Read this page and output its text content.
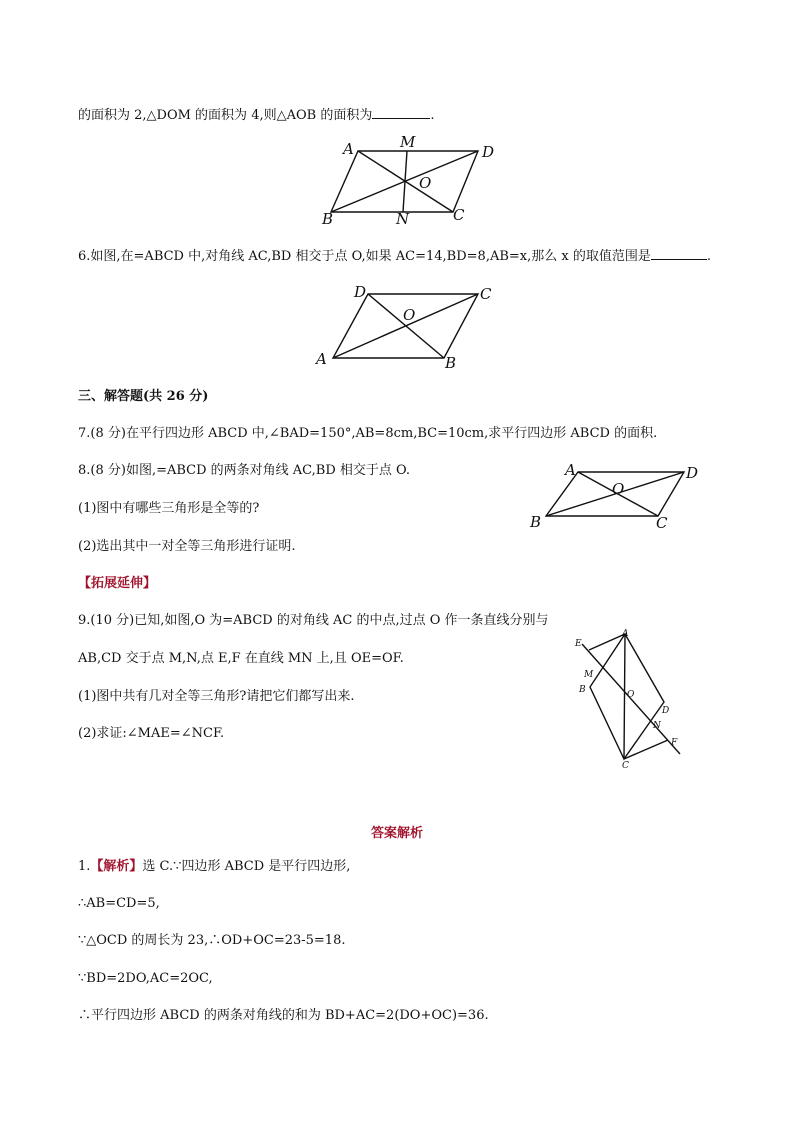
的面积为 2,△DOM 的面积为 4,则△AOB 的面积为	.
A	M
D
O
B	N	C
6.如图,在=ABCD 中,对角线 AC,BD 相交于点 O,如果 AC=14,BD=8,AB=x,那么 x 的取值范围是	.
D	C
O
A	B
三、解答题(共 26 分)
7.(8 分)在平行四边形 ABCD 中,∠BAD=150°,AB=8cm,BC=10cm,求平行四边形 ABCD 的面积.
8.(8 分)如图,=ABCD 的两条对角线 AC,BD 相交于点 O.
(1)图中有哪些三角形是全等的?
(2)选出其中一对全等三角形进行证明.
A	D
O
B	C
【拓展延伸】
9.(10 分)已知,如图,O 为=ABCD 的对角线 AC 的中点,过点 O 作一条直线分别与
AB,CD 交于点 M,N,点 E,F 在直线 MN 上,且 OE=OF.
(1)图中共有几对全等三角形?请把它们都写出来.
(2)求证:∠MAE=∠NCF.
E
A
M
B	O
D
N
F
C
答案解析
1.【解析】选 C.∵四边形 ABCD 是平行四边形,
∴AB=CD=5,
∵△OCD 的周长为 23,∴OD+OC=23-5=18.
∵BD=2DO,AC=2OC,
∴平行四边形 ABCD 的两条对角线的和为 BD+AC=2(DO+OC)=36.
